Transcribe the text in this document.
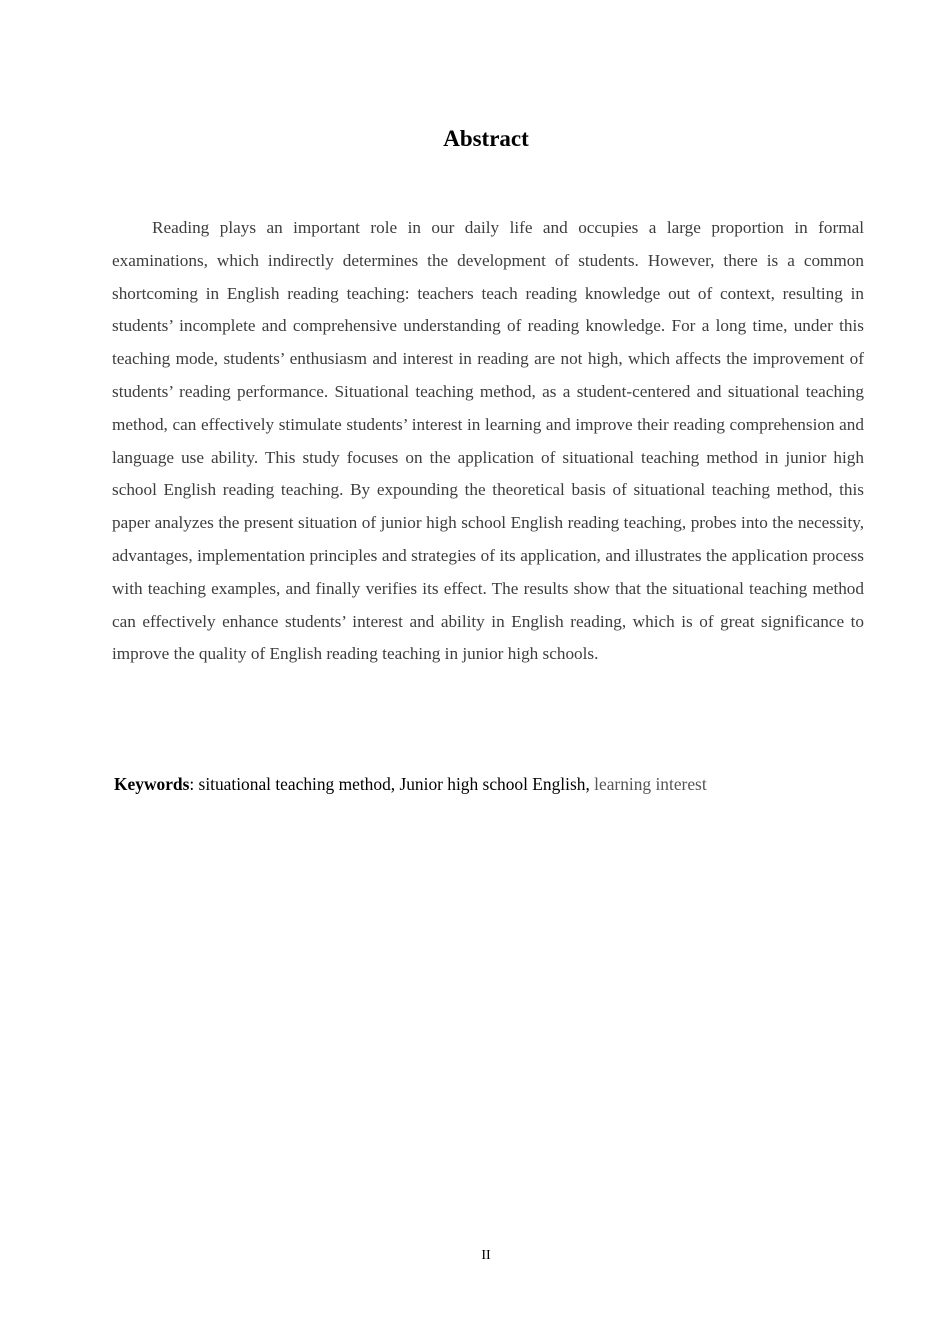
Abstract

Reading plays an important role in our daily life and occupies a large proportion in formal examinations, which indirectly determines the development of students. However, there is a common shortcoming in English reading teaching: teachers teach reading knowledge out of context, resulting in students’ incomplete and comprehensive understanding of reading knowledge. For a long time, under this teaching mode, students’ enthusiasm and interest in reading are not high, which affects the improvement of students’ reading performance. Situational teaching method, as a student-centered and situational teaching method, can effectively stimulate students’ interest in learning and improve their reading comprehension and language use ability. This study focuses on the application of situational teaching method in junior high school English reading teaching. By expounding the theoretical basis of situational teaching method, this paper analyzes the present situation of junior high school English reading teaching, probes into the necessity, advantages, implementation principles and strategies of its application, and illustrates the application process with teaching examples, and finally verifies its effect. The results show that the situational teaching method can effectively enhance students’ interest and ability in English reading, which is of great significance to improve the quality of English reading teaching in junior high schools.

Keywords: situational teaching method, Junior high school English, learning interest
II
